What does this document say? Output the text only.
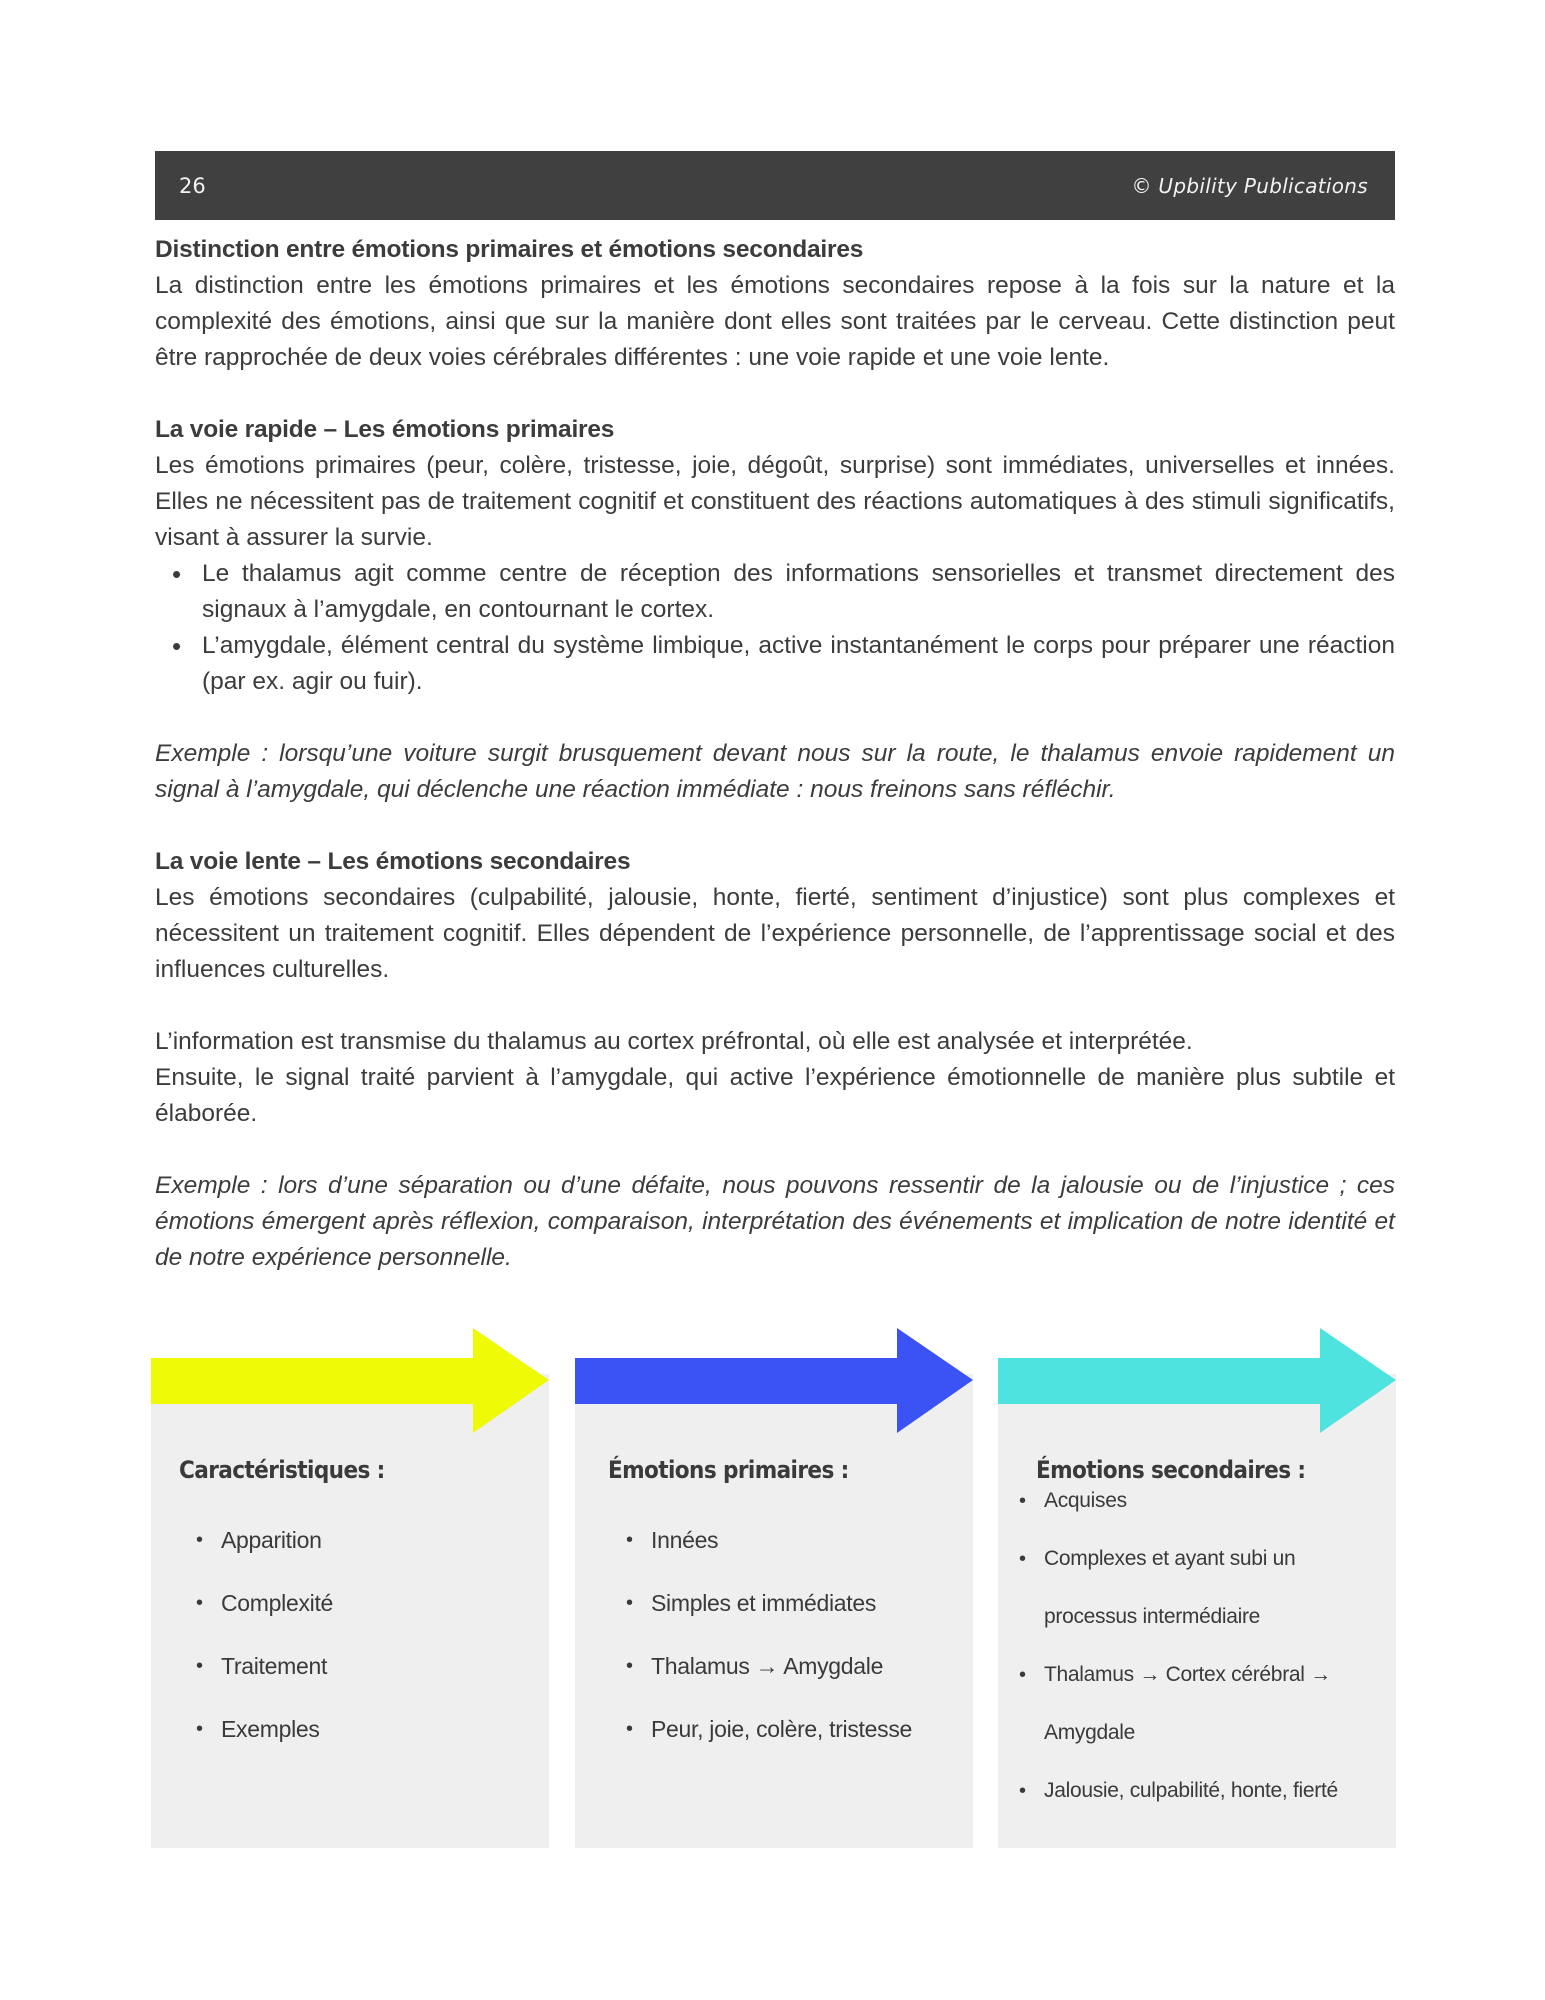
26	© Upbility Publications

Distinction entre émotions primaires et émotions secondaires

La distinction entre les émotions primaires et les émotions secondaires repose à la fois sur la nature et la complexité des émotions, ainsi que sur la manière dont elles sont traitées par le cerveau. Cette distinction peut être rapprochée de deux voies cérébrales différentes : une voie rapide et une voie lente.

La voie rapide – Les émotions primaires

Les émotions primaires (peur, colère, tristesse, joie, dégoût, surprise) sont immédiates, universelles et innées. Elles ne nécessitent pas de traitement cognitif et constituent des réactions automatiques à des stimuli significatifs, visant à assurer la survie.

• Le thalamus agit comme centre de réception des informations sensorielles et transmet directement des signaux à l’amygdale, en contournant le cortex.
• L’amygdale, élément central du système limbique, active instantanément le corps pour préparer une réaction (par ex. agir ou fuir).

Exemple : lorsqu’une voiture surgit brusquement devant nous sur la route, le thalamus envoie rapidement un signal à l’amygdale, qui déclenche une réaction immédiate : nous freinons sans réfléchir.

La voie lente – Les émotions secondaires

Les émotions secondaires (culpabilité, jalousie, honte, fierté, sentiment d’injustice) sont plus complexes et nécessitent un traitement cognitif. Elles dépendent de l’expérience personnelle, de l’apprentissage social et des influences culturelles.

L’information est transmise du thalamus au cortex préfrontal, où elle est analysée et interprétée.

Ensuite, le signal traité parvient à l’amygdale, qui active l’expérience émotionnelle de manière plus subtile et élaborée.

Exemple : lors d’une séparation ou d’une défaite, nous pouvons ressentir de la jalousie ou de l’injustice ; ces émotions émergent après réflexion, comparaison, interprétation des événements et implication de notre identité et de notre expérience personnelle.

Caractéristiques :
• Apparition
• Complexité
• Traitement
• Exemples
Émotions primaires :
• Innées
• Simples et immédiates
• Thalamus → Amygdale
• Peur, joie, colère, tristesse
Émotions secondaires :
• Acquises
• Complexes et ayant subi un
processus intermédiaire
• Thalamus → Cortex cérébral →
Amygdale
• Jalousie, culpabilité, honte, fierté
